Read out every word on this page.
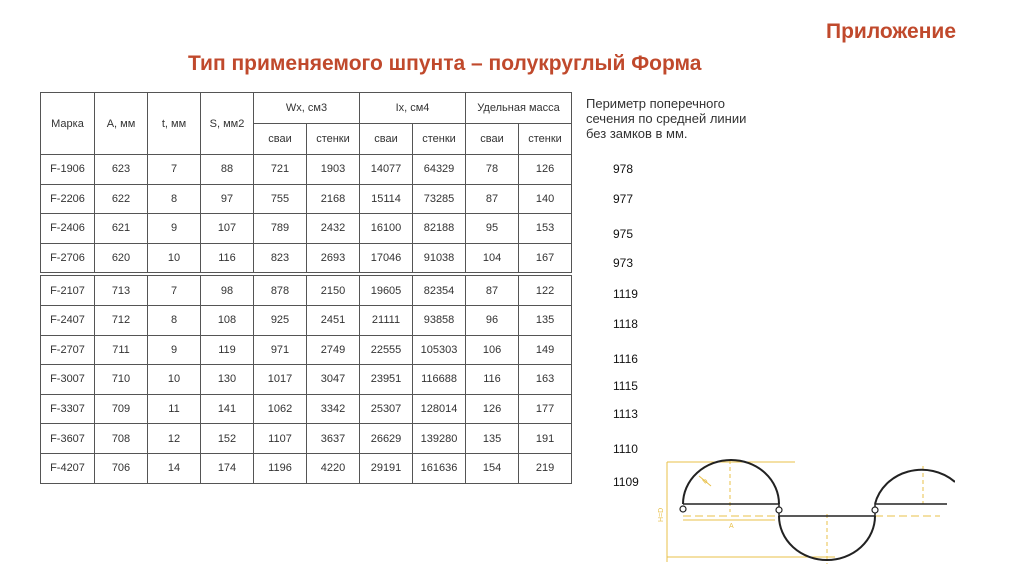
Приложение
Тип применяемого шпунта – полукруглый Форма
Марка	A, мм	t, мм	S, мм2	Wx, см3		Ix, см4		Удельная масса	
				сваи	стенки	сваи	стенки	сваи	стенки
F-1906	623	7	88	721	1903	14077	64329	78	126
F-2206	622	8	97	755	2168	15114	73285	87	140
F-2406	621	9	107	789	2432	16100	82188	95	153
F-2706	620	10	116	823	2693	17046	91038	104	167

F-2107	713	7	98	878	2150	19605	82354	87	122
F-2407	712	8	108	925	2451	21111	93858	96	135
F-2707	711	9	119	971	2749	22555	105303	106	149
F-3007	710	10	130	1017	3047	23951	116688	116	163
F-3307	709	11	141	1062	3342	25307	128014	126	177
F-3607	708	12	152	1107	3637	26629	139280	135	191
F-4207	706	14	174	1196	4220	29191	161636	154	219
Периметр поперечного
сечения по средней линии
без замков в мм.
978
977
975
973
1119
1118
1116
1115
1113
1110
1109
H=D
A
b
